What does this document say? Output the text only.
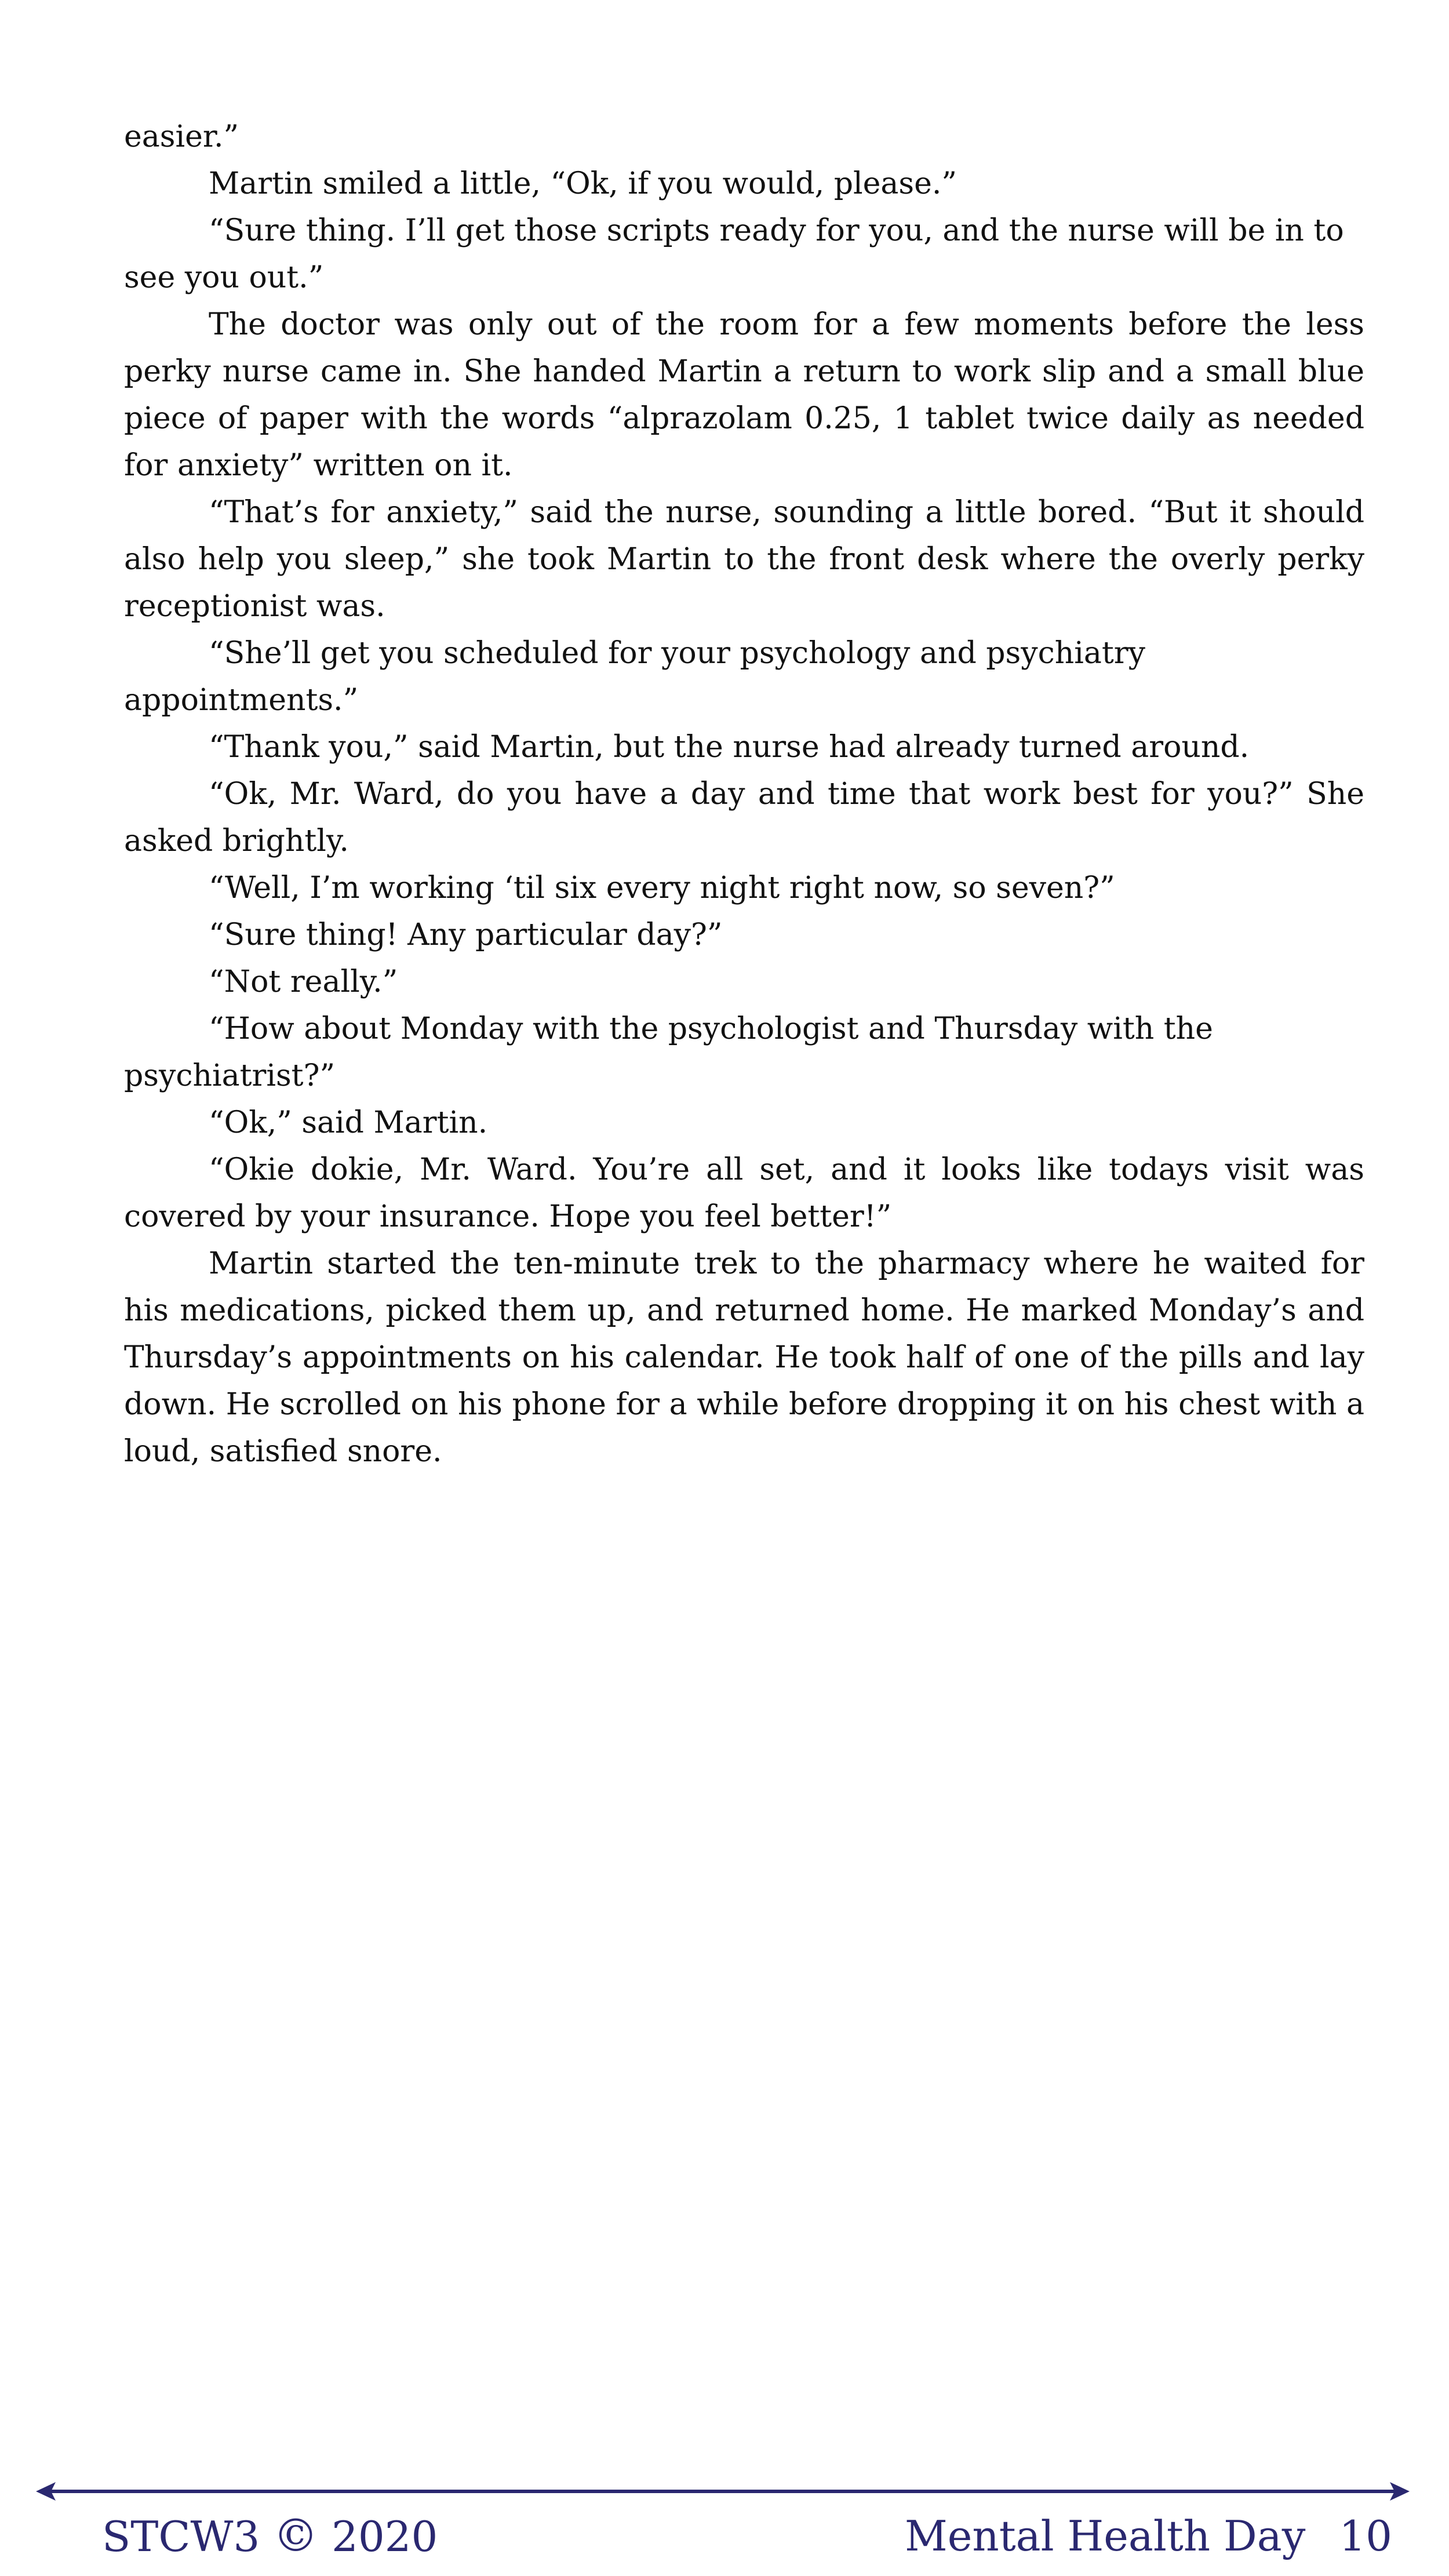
easier.”

Martin smiled a little, “Ok, if you would, please.”

“Sure thing. I’ll get those scripts ready for you, and the nurse will be in to see you out.”

The doctor was only out of the room for a few moments before the less perky nurse came in. She handed Martin a return to work slip and a small blue piece of paper with the words “alprazolam 0.25, 1 tablet twice daily as needed for anxiety” written on it.

“That’s for anxiety,” said the nurse, sounding a little bored. “But it should also help you sleep,” she took Martin to the front desk where the overly perky receptionist was.

“She’ll get you scheduled for your psychology and psychiatry appointments.”

“Thank you,” said Martin, but the nurse had already turned around.

“Ok, Mr. Ward, do you have a day and time that work best for you?” She asked brightly.

“Well, I’m working ‘til six every night right now, so seven?”

“Sure thing! Any particular day?”

“Not really.”

“How about Monday with the psychologist and Thursday with the psychiatrist?”

“Ok,” said Martin.

“Okie dokie, Mr. Ward. You’re all set, and it looks like todays visit was covered by your insurance. Hope you feel better!”

Martin started the ten-minute trek to the pharmacy where he waited for his medications, picked them up, and returned home. He marked Monday’s and Thursday’s appointments on his calendar. He took half of one of the pills and lay down. He scrolled on his phone for a while before dropping it on his chest with a loud, satisfied snore.

STCW3 © 2020	Mental Health Day 10
